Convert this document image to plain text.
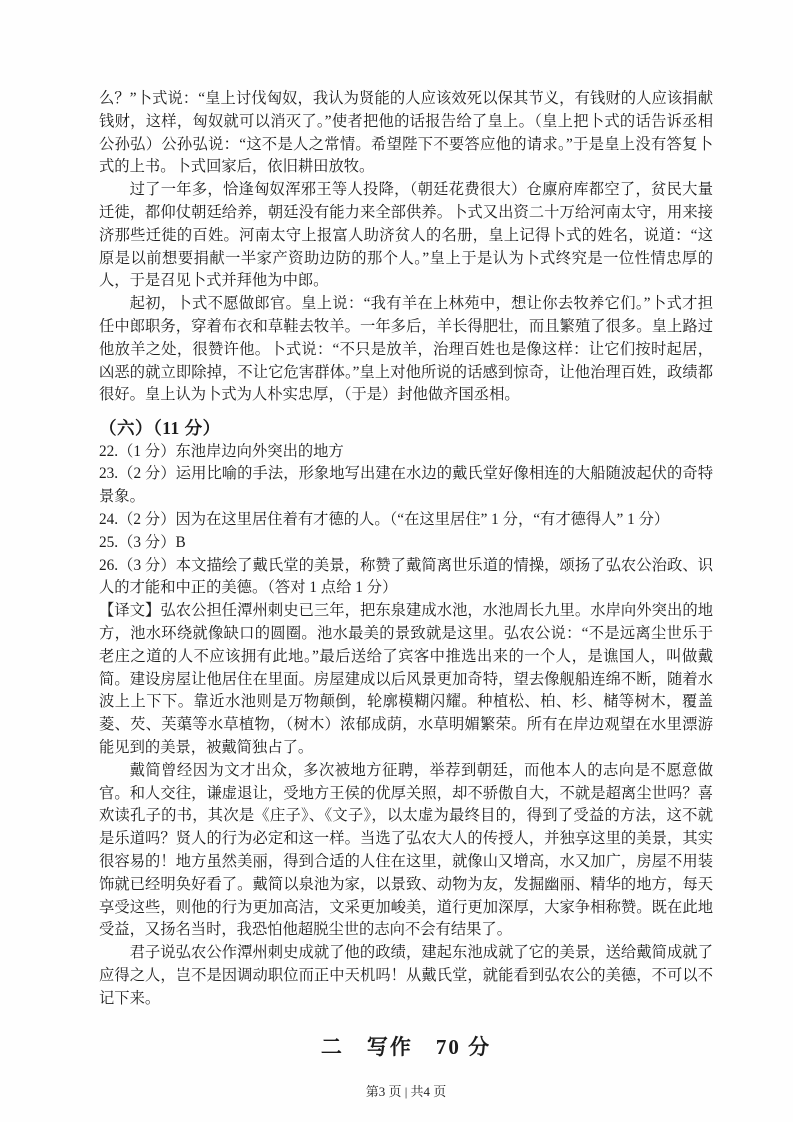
么？”卜式说：“皇上讨伐匈奴，我认为贤能的人应该效死以保其节义，有钱财的人应该捐献钱财，这样，匈奴就可以消灭了。”使者把他的话报告给了皇上。（皇上把卜式的话告诉丞相公孙弘）公孙弘说：“这不是人之常情。希望陛下不要答应他的请求。”于是皇上没有答复卜式的上书。卜式回家后，依旧耕田放牧。

过了一年多，恰逢匈奴浑邪王等人投降，（朝廷花费很大）仓廪府库都空了，贫民大量迁徙，都仰仗朝廷给养，朝廷没有能力来全部供养。卜式又出资二十万给河南太守，用来接济那些迁徙的百姓。河南太守上报富人助济贫人的名册，皇上记得卜式的姓名，说道：“这原是以前想要捐献一半家产资助边防的那个人。”皇上于是认为卜式终究是一位性情忠厚的人，于是召见卜式并拜他为中郎。

起初，卜式不愿做郎官。皇上说：“我有羊在上林苑中，想让你去牧养它们。”卜式才担任中郎职务，穿着布衣和草鞋去牧羊。一年多后，羊长得肥壮，而且繁殖了很多。皇上路过他放羊之处，很赞许他。卜式说：“不只是放羊，治理百姓也是像这样：让它们按时起居，凶恶的就立即除掉，不让它危害群体。”皇上对他所说的话感到惊奇，让他治理百姓，政绩都很好。皇上认为卜式为人朴实忠厚，（于是）封他做齐国丞相。

（六）（11 分）

22.（1 分）东池岸边向外突出的地方

23.（2 分）运用比喻的手法，形象地写出建在水边的戴氏堂好像相连的大船随波起伏的奇特景象。

24.（2 分）因为在这里居住着有才德的人。（“在这里居住” 1 分，“有才德得人” 1 分）

25.（3 分）B

26.（3 分）本文描绘了戴氏堂的美景，称赞了戴简离世乐道的情操，颂扬了弘农公治政、识人的才能和中正的美德。（答对 1 点给 1 分）

【译文】弘农公担任潭州刺史已三年，把东泉建成水池，水池周长九里。水岸向外突出的地方，池水环绕就像缺口的圆圈。池水最美的景致就是这里。弘农公说：“不是远离尘世乐于老庄之道的人不应该拥有此地。”最后送给了宾客中推选出来的一个人，是谯国人，叫做戴简。建设房屋让他居住在里面。房屋建成以后风景更加奇特，望去像舰船连绵不断，随着水波上上下下。靠近水池则是万物颠倒，轮廓模糊闪耀。种植松、柏、杉、槠等树木，覆盖菱、芡、芙蕖等水草植物，（树木）浓郁成荫，水草明媚繁荣。所有在岸边观望在水里漂游能见到的美景，被戴简独占了。

戴简曾经因为文才出众，多次被地方征聘，举荐到朝廷，而他本人的志向是不愿意做官。和人交往，谦虚退让，受地方王侯的优厚关照，却不骄傲自大，不就是超离尘世吗？喜欢读孔子的书，其次是《庄子》、《文子》，以太虚为最终目的，得到了受益的方法，这不就是乐道吗？贤人的行为必定和这一样。当选了弘农大人的传授人，并独享这里的美景，其实很容易的！地方虽然美丽，得到合适的人住在这里，就像山又增高，水又加广，房屋不用装饰就已经明奂好看了。戴简以泉池为家，以景致、动物为友，发掘幽丽、精华的地方，每天享受这些，则他的行为更加高洁，文采更加峻美，道行更加深厚，大家争相称赞。既在此地受益，又扬名当时，我恐怕他超脱尘世的志向不会有结果了。

君子说弘农公作潭州刺史成就了他的政绩，建起东池成就了它的美景，送给戴简成就了应得之人，岂不是因调动职位而正中天机吗！从戴氏堂，就能看到弘农公的美德，不可以不记下来。

二　写作　70 分
第3 页 | 共4 页
